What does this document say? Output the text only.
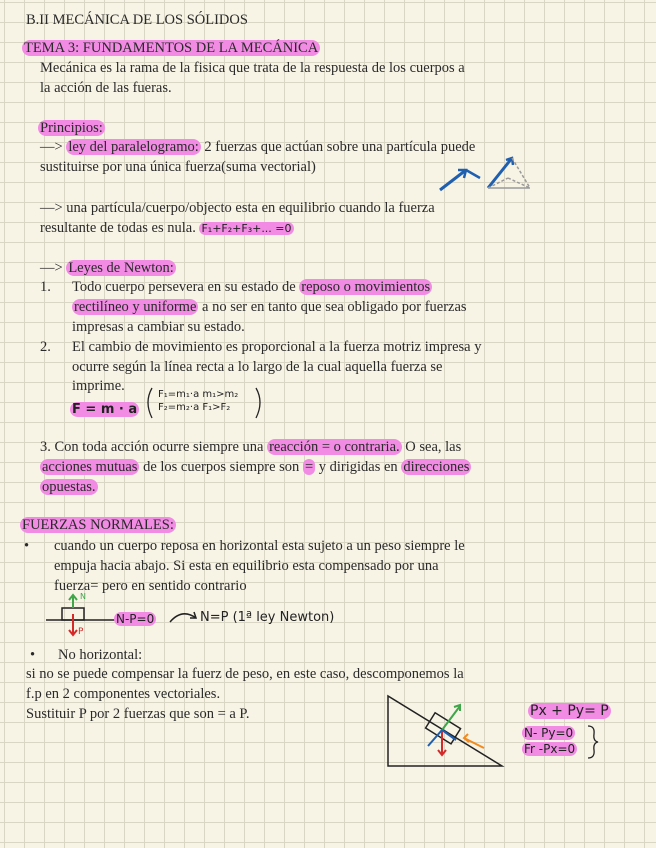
B.II MECÁNICA DE LOS SÓLIDOS
TEMA 3: FUNDAMENTOS DE LA MECÁNICA
Mecánica es la rama de la fisica que trata de la respuesta de los cuerpos a
la acción de las fueras.
Principios:
—> ley del paralelogramo: 2 fuerzas que actúan sobre una partícula puede
sustituirse por una única fuerza(suma vectorial)
—> una partícula/cuerpo/objecto esta en equilibrio cuando la fuerza
resultante de todas es nula. F₁+F₂+F₃+... =0
—> Leyes de Newton:
1. Todo cuerpo persevera en su estado de reposo o movimientos
rectilíneo y uniforme a no ser en tanto que sea obligado por fuerzas
impresas a cambiar su estado.
2. El cambio de movimiento es proporcional a la fuerza motriz impresa y
ocurre según la línea recta a lo largo de la cual aquella fuerza se
imprime.
F = m · a
F₁=m₁·a m₁>m₂
F₂=m₂·a F₁>F₂
3. Con toda acción ocurre siempre una reacción = o contraria. O sea, las
acciones mutuas de los cuerpos siempre son = y dirigidas en direcciones
opuestas.
FUERZAS NORMALES:
• cuando un cuerpo reposa en horizontal esta sujeto a un peso siempre le
empuja hacia abajo. Si esta en equilibrio esta compensado por una
fuerza= pero en sentido contrario
N
P
N-P=0	N=P (1ª ley Newton)
• No horizontal:
si no se puede compensar la fuerz de peso, en este caso, descomponemos la
f.p en 2 componentes vectoriales.
Sustituir P por 2 fuerzas que son = a P.	Px + Py= P
N- Py=0
Fr -Px=0
